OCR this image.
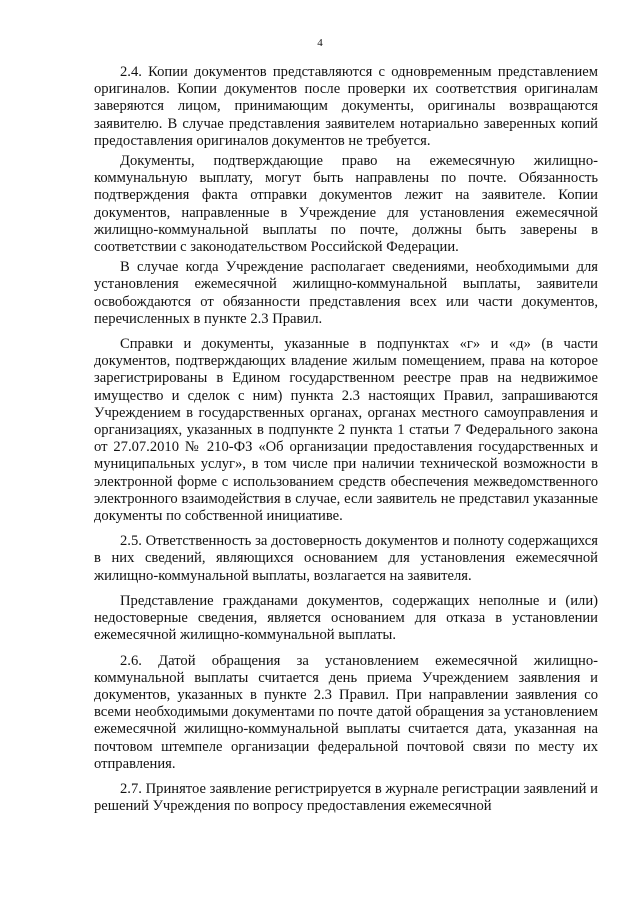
4

2.4. Копии документов представляются с одновременным представлением оригиналов. Копии документов после проверки их соответствия оригиналам заверяются лицом, принимающим документы, оригиналы возвращаются заявителю. В случае представления заявителем нотариально заверенных копий предоставления оригиналов документов не требуется.

Документы, подтверждающие право на ежемесячную жилищно-коммунальную выплату, могут быть направлены по почте. Обязанность подтверждения факта отправки документов лежит на заявителе. Копии документов, направленные в Учреждение для установления ежемесячной жилищно-коммунальной выплаты по почте, должны быть заверены в соответствии с законодательством Российской Федерации.

В случае когда Учреждение располагает сведениями, необходимыми для установления ежемесячной жилищно-коммунальной выплаты, заявители освобождаются от обязанности представления всех или части документов, перечисленных в пункте 2.3 Правил.

Справки и документы, указанные в подпунктах «г» и «д» (в части документов, подтверждающих владение жилым помещением, права на которое зарегистрированы в Едином государственном реестре прав на недвижимое имущество и сделок с ним) пункта 2.3 настоящих Правил, запрашиваются Учреждением в государственных органах, органах местного самоуправления и организациях, указанных в подпункте 2 пункта 1 статьи 7 Федерального закона от 27.07.2010 № 210-ФЗ «Об организации предоставления государственных и муниципальных услуг», в том числе при наличии технической возможности в электронной форме с использованием средств обеспечения межведомственного электронного взаимодействия в случае, если заявитель не представил указанные документы по собственной инициативе.

2.5. Ответственность за достоверность документов и полноту содержащихся в них сведений, являющихся основанием для установления ежемесячной жилищно-коммунальной выплаты, возлагается на заявителя.

Представление гражданами документов, содержащих неполные и (или) недостоверные сведения, является основанием для отказа в установлении ежемесячной жилищно-коммунальной выплаты.

2.6. Датой обращения за установлением ежемесячной жилищно-коммунальной выплаты считается день приема Учреждением заявления и документов, указанных в пункте 2.3 Правил. При направлении заявления со всеми необходимыми документами по почте датой обращения за установлением ежемесячной жилищно-коммунальной выплаты считается дата, указанная на почтовом штемпеле организации федеральной почтовой связи по месту их отправления.

2.7. Принятое заявление регистрируется в журнале регистрации заявлений и решений Учреждения по вопросу предоставления ежемесячной
